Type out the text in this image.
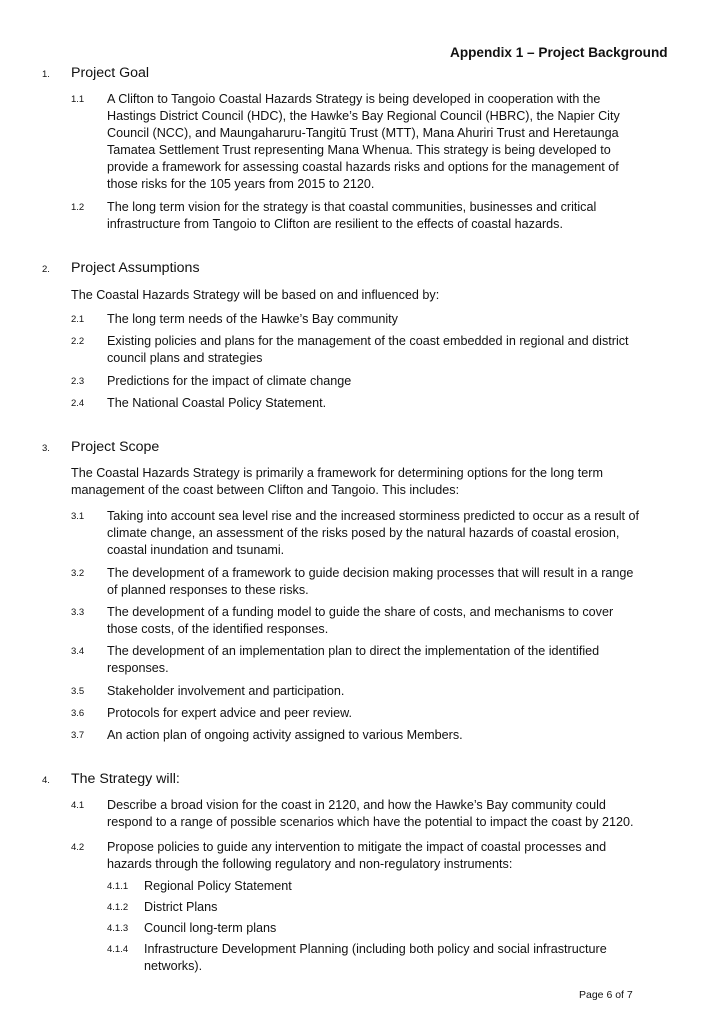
Appendix 1 – Project Background
1. Project Goal
1.1 A Clifton to Tangoio Coastal Hazards Strategy is being developed in cooperation with the
Hastings District Council (HDC), the Hawke’s Bay Regional Council (HBRC), the Napier City
Council (NCC), and Maungaharuru-Tangitū Trust (MTT), Mana Ahuriri Trust and Heretaunga
Tamatea Settlement Trust representing Mana Whenua. This strategy is being developed to
provide a framework for assessing coastal hazards risks and options for the management of
those risks for the 105 years from 2015 to 2120.
1.2 The long term vision for the strategy is that coastal communities, businesses and critical
infrastructure from Tangoio to Clifton are resilient to the effects of coastal hazards.
2. Project Assumptions
The Coastal Hazards Strategy will be based on and influenced by:
2.1 The long term needs of the Hawke’s Bay community
2.2 Existing policies and plans for the management of the coast embedded in regional and district
council plans and strategies
2.3 Predictions for the impact of climate change
2.4 The National Coastal Policy Statement.
3. Project Scope
The Coastal Hazards Strategy is primarily a framework for determining options for the long term
management of the coast between Clifton and Tangoio. This includes:
3.1 Taking into account sea level rise and the increased storminess predicted to occur as a result of
climate change, an assessment of the risks posed by the natural hazards of coastal erosion,
coastal inundation and tsunami.
3.2 The development of a framework to guide decision making processes that will result in a range
of planned responses to these risks.
3.3 The development of a funding model to guide the share of costs, and mechanisms to cover
those costs, of the identified responses.
3.4 The development of an implementation plan to direct the implementation of the identified
responses.
3.5 Stakeholder involvement and participation.
3.6 Protocols for expert advice and peer review.
3.7 An action plan of ongoing activity assigned to various Members.
4. The Strategy will:
4.1 Describe a broad vision for the coast in 2120, and how the Hawke’s Bay community could
respond to a range of possible scenarios which have the potential to impact the coast by 2120.
4.2 Propose policies to guide any intervention to mitigate the impact of coastal processes and
hazards through the following regulatory and non-regulatory instruments:
4.1.1 Regional Policy Statement
4.1.2 District Plans
4.1.3 Council long-term plans
4.1.4 Infrastructure Development Planning (including both policy and social infrastructure
networks).
Page 6 of 7
